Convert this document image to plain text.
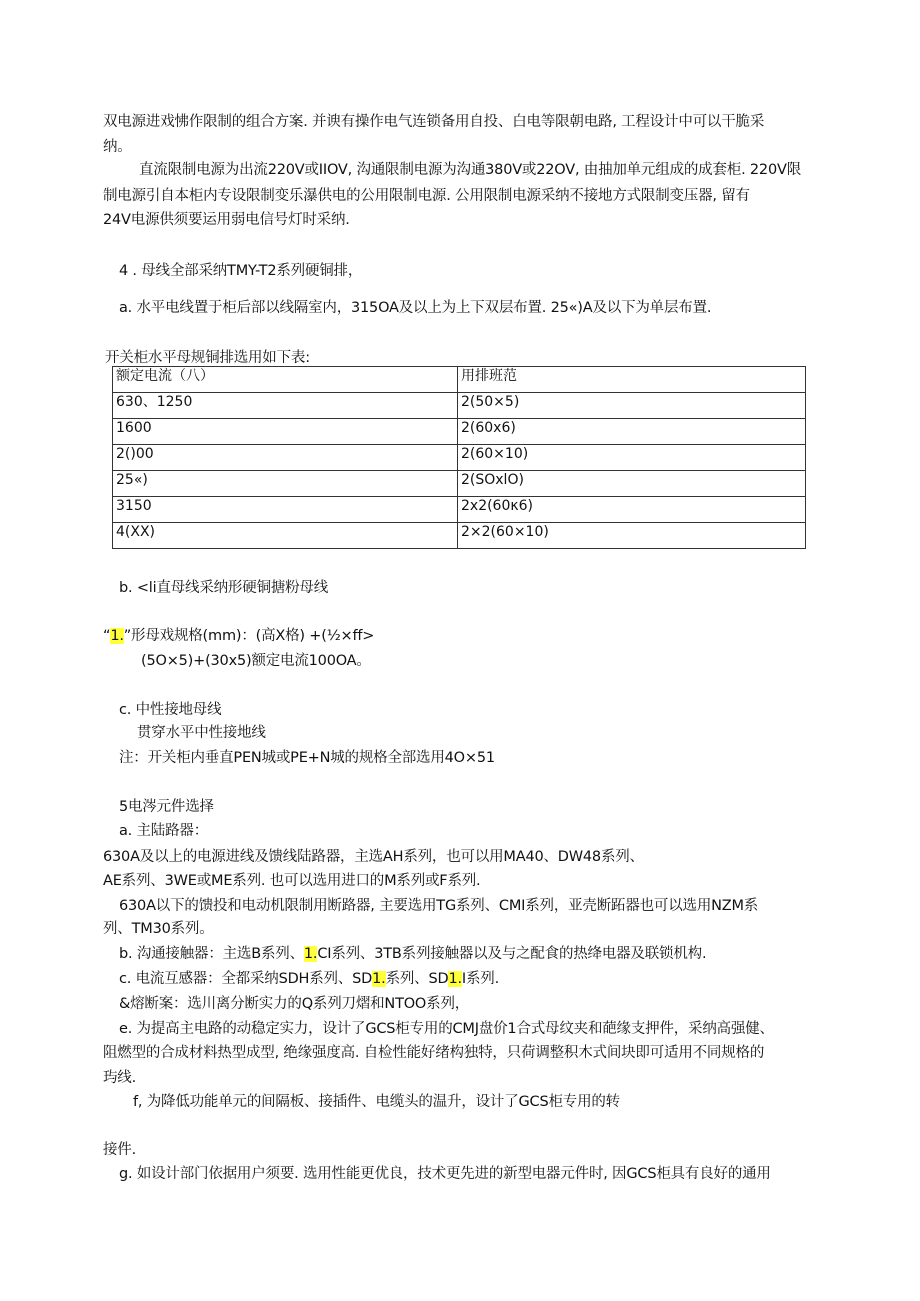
双电源进戏怫作限制的组合方案. 并谀有操作电气连锁备用自投、白电等限朝电路, 工程设计中可以干脆采
纳。
直流限制电源为出流220V或IIOV, 沟通限制电源为沟通380V或22OV, 由抽加单元组成的成套柜. 220V限
制电源引自本柜内专设限制变乐瀑供电的公用限制电源. 公用限制电源采纳不接地方式限制变压器, 留有
24V电源供须要运用弱电信号灯时采纳.
4 . 母线全部采纳TMY-T2系列硬铜排，
a. 水平电线置于柜后部以线隔室内，315OA及以上为上下双层布置. 25«)A及以下为单层布置.
开关柜水平母规铜排选用如下表:
额定电流（八）	用排班范
630、1250	2(50×5)
1600	2(60x6)
2()00	2(60×10)
25«)	2(SOxlO)
3150	2x2(60κ6)
4(XX)	2×2(60×10)
b. <li直母线采纳形硬铜搪粉母线
“1.”形母戏规格(mm)：(高X格) +(½×ff>
(5O×5)+(30x5)额定电流100OA。
c. 中性接地母线
贯穿水平中性接地线
注：开关柜内垂直PEN城或PE+N城的规格全部选用4O×51
5电涔元件选择
a. 主陆路器：
630A及以上的电源进线及馈线陆路器，主选AH系列，也可以用MA40、DW48系列、
AE系列、3WE或ME系列. 也可以选用进口的M系列或F系列.
630A以下的馈投和电动机限制用断路器, 主要选用TG系列、CMI系列，亚壳断跖器也可以选用NZM系
列、TM30系列。
b. 沟通接触器：主选B系列、1.CI系列、3TB系列接触器以及与之配食的热绛电器及联锁机构.
c. 电流互感器：全都采纳SDH系列、SD1.系列、SD1.I系列.
&熔断案：选川离分断实力的Q系列刀熠和NTOO系列，
e. 为提高主电路的动稳定实力，设计了GCS柜专用的CMJ盘价1合式母纹夹和葩缘支押件，采纳高强健、
阻燃型的合成材料热型成型, 绝缘强度高. 自检性能好绪构独特，只荷调整积木式间块即可适用不同规格的
玙线.
f, 为降低功能单元的间隔板、接插件、电缆头的温升，设计了GCS柜专用的转
接件.
g. 如设计部门依据用户须要. 选用性能更优良，技术更先进的新型电器元件时, 因GCS柜具有良好的通用
